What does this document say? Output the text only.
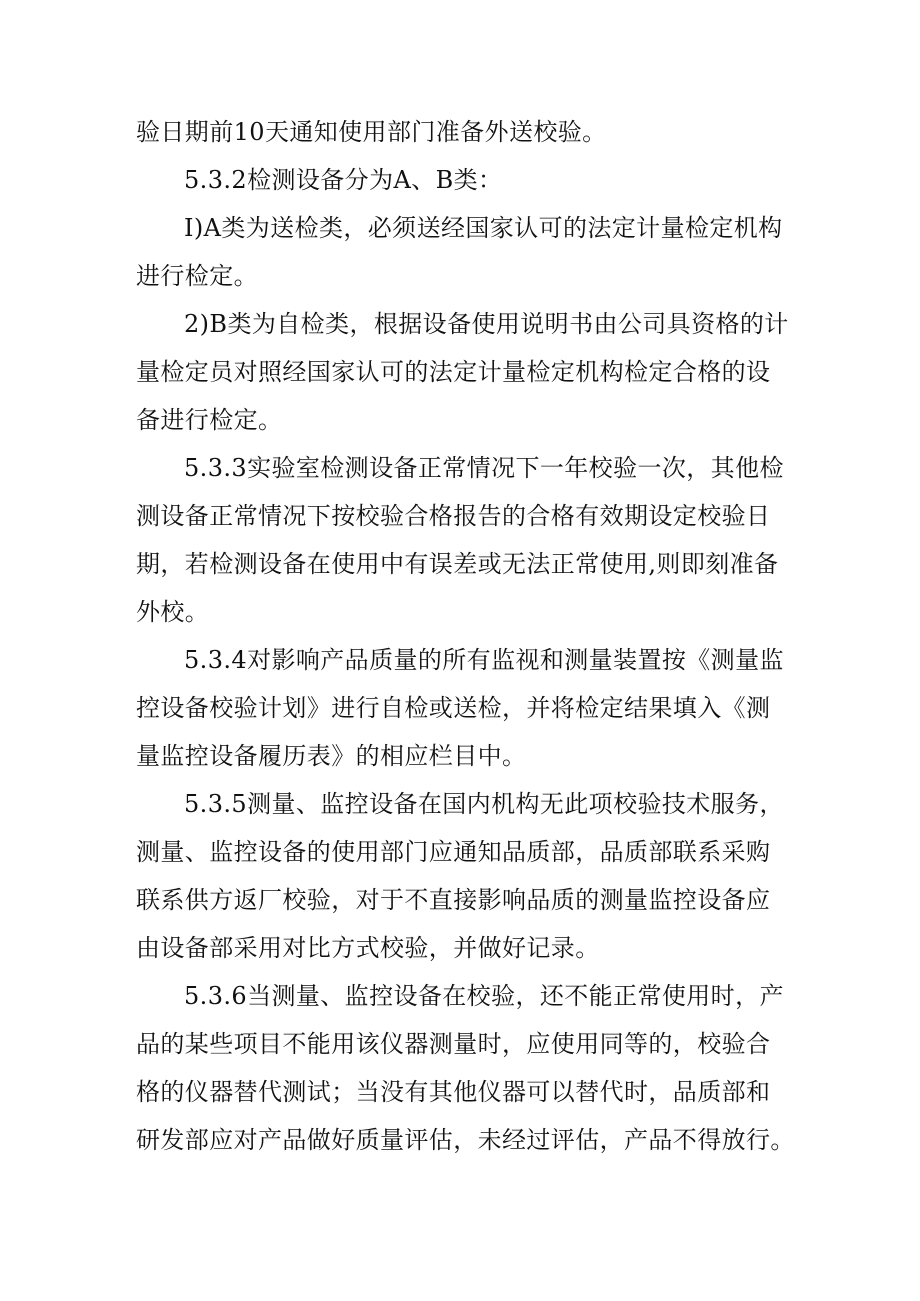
验日期前10天通知使用部门准备外送校验。
5.3.2检测设备分为A、B类：
I)A类为送检类，必须送经国家认可的法定计量检定机构
进行检定。
2)B类为自检类，根据设备使用说明书由公司具资格的计
量检定员对照经国家认可的法定计量检定机构检定合格的设
备进行检定。
5.3.3实验室检测设备正常情况下一年校验一次，其他检
测设备正常情况下按校验合格报告的合格有效期设定校验日
期，若检测设备在使用中有误差或无法正常使用,则即刻准备
外校。
5.3.4对影响产品质量的所有监视和测量装置按《测量监
控设备校验计划》进行自检或送检，并将检定结果填入《测
量监控设备履历表》的相应栏目中。
5.3.5测量、监控设备在国内机构无此项校验技术服务，
测量、监控设备的使用部门应通知品质部，品质部联系采购
联系供方返厂校验，对于不直接影响品质的测量监控设备应
由设备部采用对比方式校验，并做好记录。
5.3.6当测量、监控设备在校验，还不能正常使用时，产
品的某些项目不能用该仪器测量时，应使用同等的，校验合
格的仪器替代测试；当没有其他仪器可以替代时，品质部和
研发部应对产品做好质量评估，未经过评估，产品不得放行。
